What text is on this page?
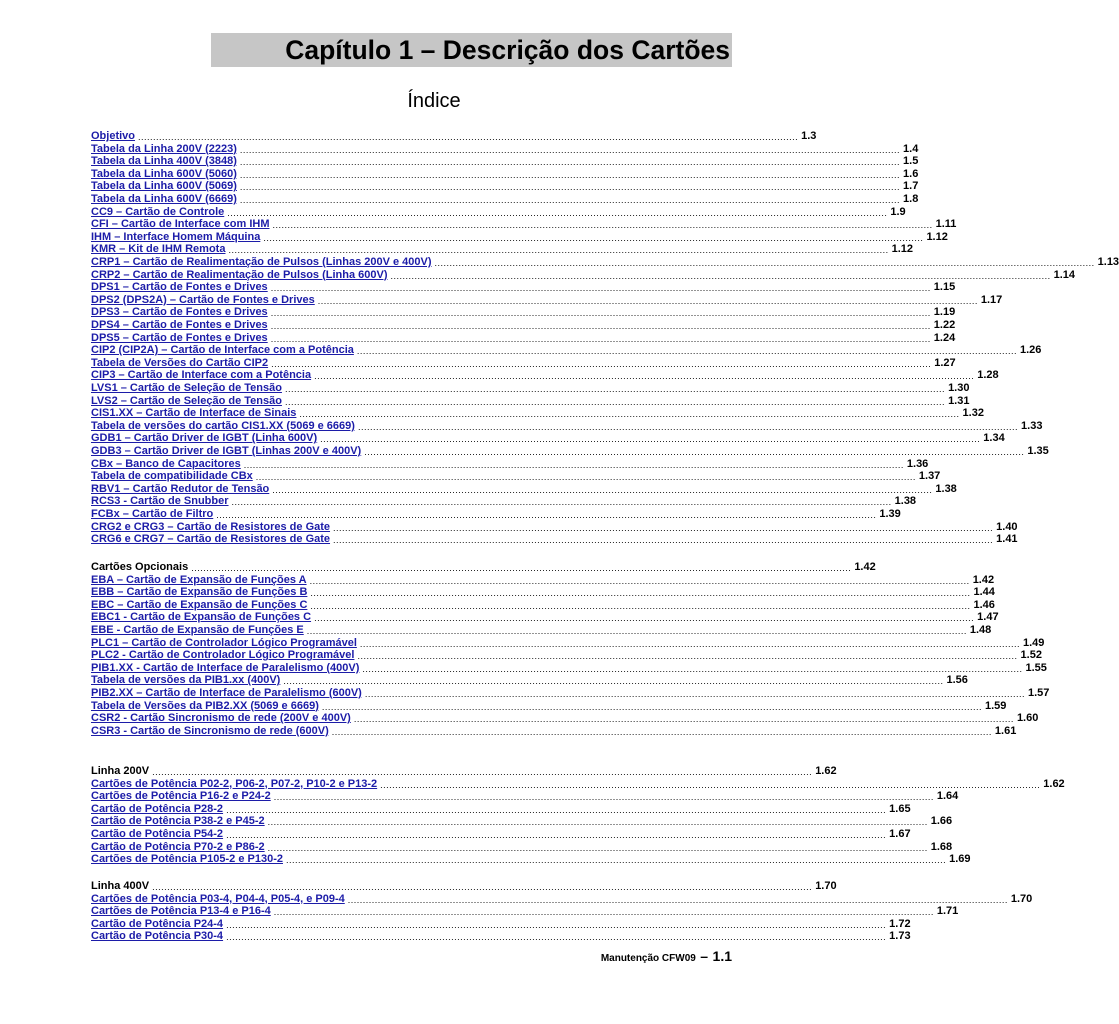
Capítulo 1 – Descrição dos Cartões
Índice
Objetivo ............................................................................................................................................................................................................................ 1.3
Tabela da Linha 200V (2223) ............................................................................................................................................................................................................................ 1.4
Tabela da Linha 400V (3848) ............................................................................................................................................................................................................................ 1.5
Tabela da Linha 600V (5060) ............................................................................................................................................................................................................................ 1.6
Tabela da Linha 600V (5069) ............................................................................................................................................................................................................................ 1.7
Tabela da Linha 600V (6669) ............................................................................................................................................................................................................................ 1.8
CC9 – Cartão de Controle ............................................................................................................................................................................................................................ 1.9
CFI – Cartão de Interface com IHM ............................................................................................................................................................................................................................ 1.11
IHM – Interface Homem Máquina ............................................................................................................................................................................................................................ 1.12
KMR – Kit de IHM Remota ............................................................................................................................................................................................................................ 1.12
CRP1 – Cartão de Realimentação de Pulsos (Linhas 200V e 400V) ............................................................................................................................................................................................................................ 1.13
CRP2 – Cartão de Realimentação de Pulsos (Linha 600V) ............................................................................................................................................................................................................................ 1.14
DPS1 – Cartão de Fontes e Drives ............................................................................................................................................................................................................................ 1.15
DPS2 (DPS2A) – Cartão de Fontes e Drives ............................................................................................................................................................................................................................ 1.17
DPS3 – Cartão de Fontes e Drives ............................................................................................................................................................................................................................ 1.19
DPS4 – Cartão de Fontes e Drives ............................................................................................................................................................................................................................ 1.22
DPS5 – Cartão de Fontes e Drives ............................................................................................................................................................................................................................ 1.24
CIP2 (CIP2A) – Cartão de Interface com a Potência ............................................................................................................................................................................................................................ 1.26
Tabela de Versões do Cartão CIP2 ............................................................................................................................................................................................................................ 1.27
CIP3 – Cartão de Interface com a Potência ............................................................................................................................................................................................................................ 1.28
LVS1 – Cartão de Seleção de Tensão ............................................................................................................................................................................................................................ 1.30
LVS2 – Cartão de Seleção de Tensão ............................................................................................................................................................................................................................ 1.31
CIS1.XX – Cartão de Interface de Sinais ............................................................................................................................................................................................................................ 1.32
Tabela de versões do cartão CIS1.XX (5069 e 6669) ............................................................................................................................................................................................................................ 1.33
GDB1 – Cartão Driver de IGBT (Linha 600V) ............................................................................................................................................................................................................................ 1.34
GDB3 – Cartão Driver de IGBT (Linhas 200V e 400V) ............................................................................................................................................................................................................................ 1.35
CBx – Banco de Capacitores ............................................................................................................................................................................................................................ 1.36
Tabela de compatibilidade CBx ............................................................................................................................................................................................................................ 1.37
RBV1 – Cartão Redutor de Tensão ............................................................................................................................................................................................................................ 1.38
RCS3 - Cartão de Snubber ............................................................................................................................................................................................................................ 1.38
FCBx – Cartão de Filtro ............................................................................................................................................................................................................................ 1.39
CRG2 e CRG3 – Cartão de Resistores de Gate ............................................................................................................................................................................................................................ 1.40
CRG6 e CRG7 – Cartão de Resistores de Gate ............................................................................................................................................................................................................................ 1.41
Cartões Opcionais ............................................................................................................................................................................................................................ 1.42
EBA – Cartão de Expansão de Funções A ............................................................................................................................................................................................................................ 1.42
EBB – Cartão de Expansão de Funções B ............................................................................................................................................................................................................................ 1.44
EBC – Cartão de Expansão de Funções C ............................................................................................................................................................................................................................ 1.46
EBC1 - Cartão de Expansão de Funções C ............................................................................................................................................................................................................................ 1.47
EBE - Cartão de Expansão de Funções E ............................................................................................................................................................................................................................ 1.48
PLC1 – Cartão de Controlador Lógico Programável ............................................................................................................................................................................................................................ 1.49
PLC2 - Cartão de Controlador Lógico Programável ............................................................................................................................................................................................................................ 1.52
PIB1.XX - Cartão de Interface de Paralelismo (400V) ............................................................................................................................................................................................................................ 1.55
Tabela de versões da PIB1.xx (400V) ............................................................................................................................................................................................................................ 1.56
PIB2.XX – Cartão de Interface de Paralelismo (600V) ............................................................................................................................................................................................................................ 1.57
Tabela de Versões da PIB2.XX (5069 e 6669) ............................................................................................................................................................................................................................ 1.59
CSR2 - Cartão Sincronismo de rede (200V e 400V) ............................................................................................................................................................................................................................ 1.60
CSR3 - Cartão de Sincronismo de rede (600V) ............................................................................................................................................................................................................................ 1.61
Linha 200V ............................................................................................................................................................................................................................ 1.62
Cartões de Potência P02-2, P06-2, P07-2, P10-2 e P13-2 ............................................................................................................................................................................................................................ 1.62
Cartões de Potência P16-2 e P24-2 ............................................................................................................................................................................................................................ 1.64
Cartão de Potência P28-2 ............................................................................................................................................................................................................................ 1.65
Cartão de Potência P38-2 e P45-2 ............................................................................................................................................................................................................................ 1.66
Cartão de Potência P54-2 ............................................................................................................................................................................................................................ 1.67
Cartão de Potência P70-2 e P86-2 ............................................................................................................................................................................................................................ 1.68
Cartões de Potência P105-2 e P130-2 ............................................................................................................................................................................................................................ 1.69
Linha 400V ............................................................................................................................................................................................................................ 1.70
Cartões de Potência P03-4, P04-4, P05-4, e P09-4 ............................................................................................................................................................................................................................ 1.70
Cartões de Potência P13-4 e P16-4 ............................................................................................................................................................................................................................ 1.71
Cartão de Potência P24-4 ............................................................................................................................................................................................................................ 1.72
Cartão de Potência P30-4 ............................................................................................................................................................................................................................ 1.73
Manutenção CFW09 – 1.1
